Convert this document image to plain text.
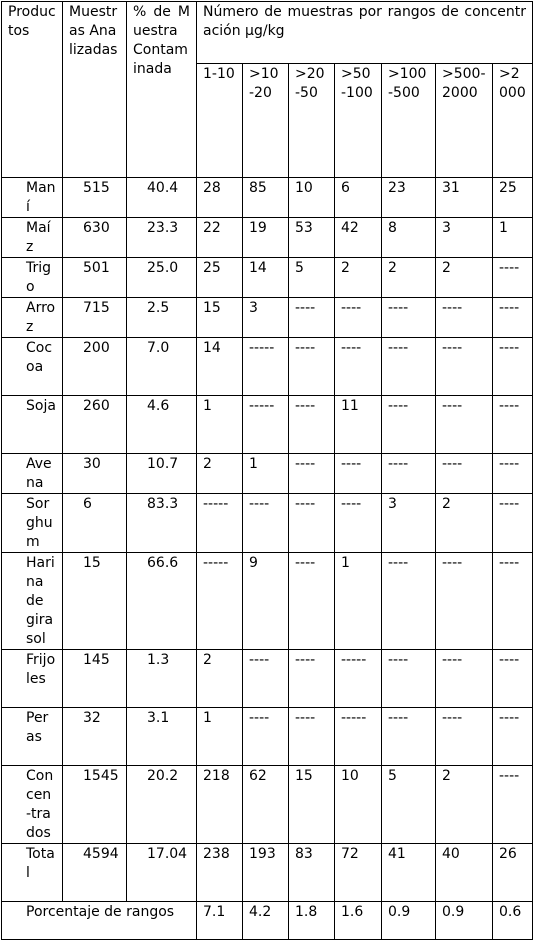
Productos	Muestras Analizadas	% de Muestra Contaminada	Número de muestras por rangos de concentración µg/kg						
			1-10	>10-20	>20-50	>50-100	>100-500	>500-2000	>2000
Maní	515	40.4	28	85	10	6	23	31	25
Maíz	630	23.3	22	19	53	42	8	3	1
Trigo	501	25.0	25	14	5	2	2	2	----
Arroz	715	2.5	15	3	----	----	----	----	----
Cocoa	200	7.0	14	-----	----	----	----	----	----
Soja	260	4.6	1	-----	----	11	----	----	----
Avena	30	10.7	2	1	----	----	----	----	----
Sorghum	6	83.3	-----	----	----	----	3	2	----
Harina de girasol	15	66.6	-----	9	----	1	----	----	----
Frijoles	145	1.3	2	----	----	-----	----	----	----
Peras	32	3.1	1	----	----	-----	----	----	----
Concen-trados	1545	20.2	218	62	15	10	5	2	----
Total	4594	17.04	238	193	83	72	41	40	26
Porcentaje de rangos			7.1	4.2	1.8	1.6	0.9	0.9	0.6
